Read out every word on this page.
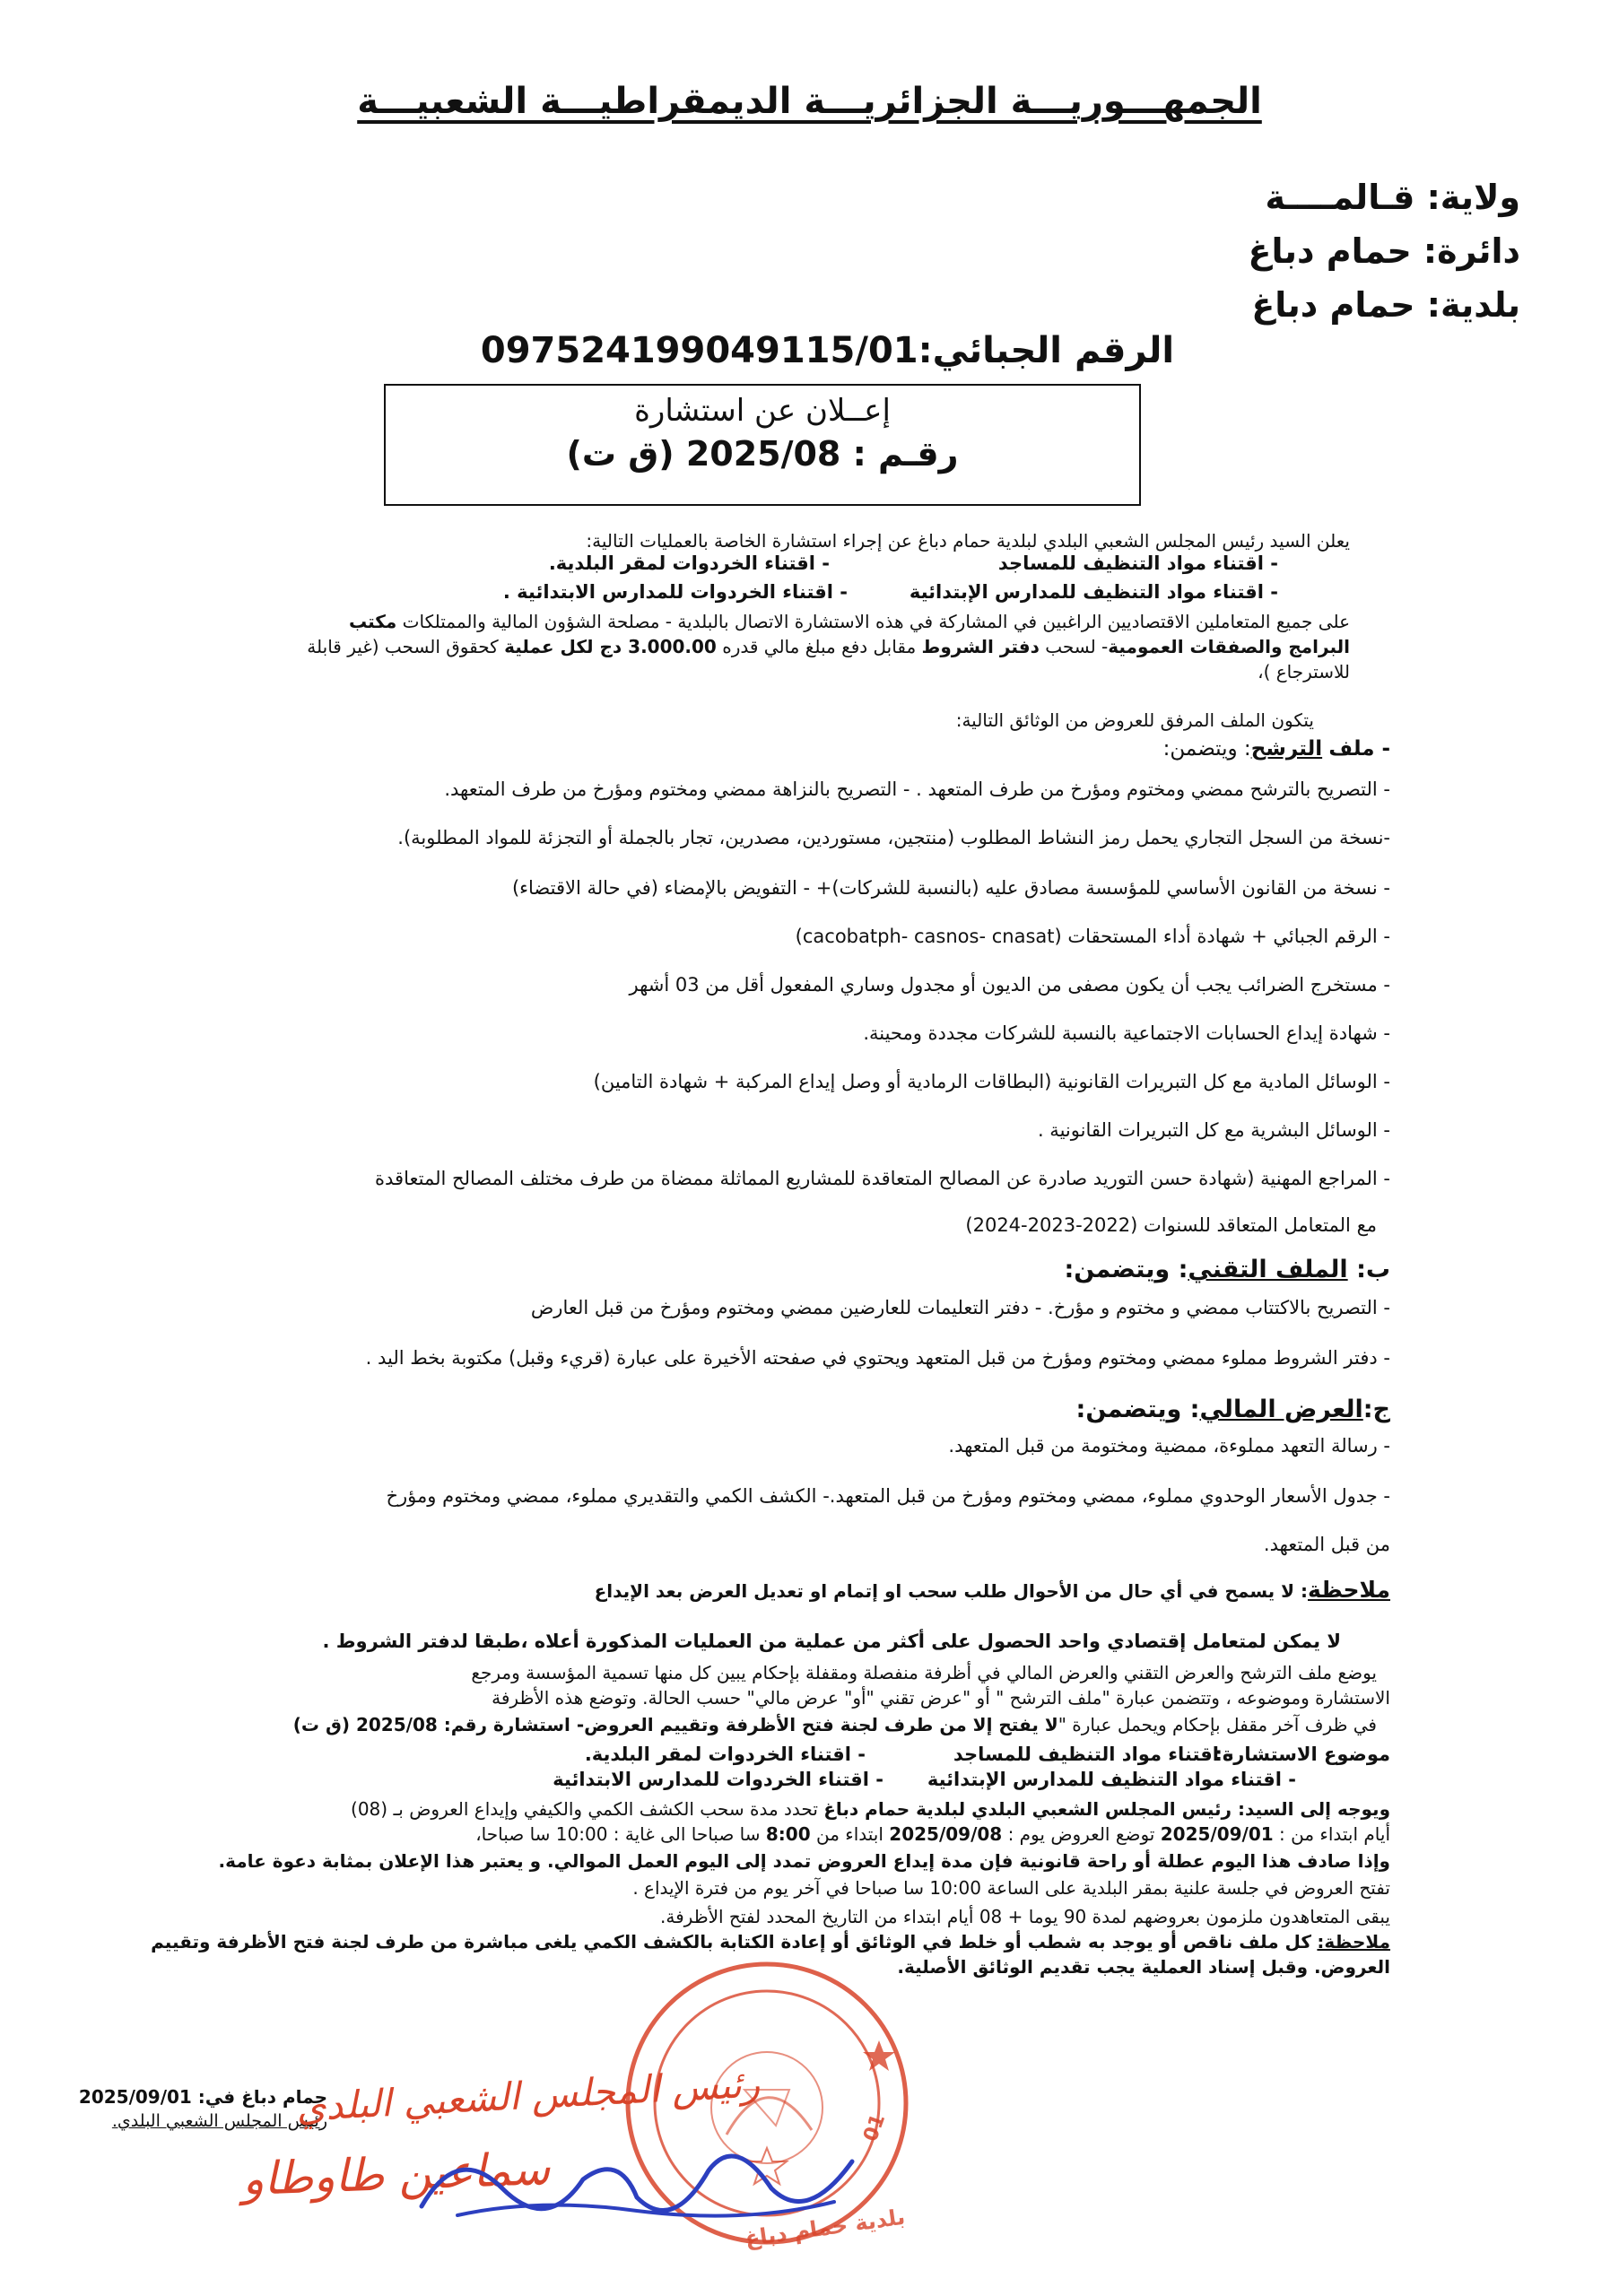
الجمهـــوريـــة الجزائريـــة الديمقراطيـــة الشعبيـــة
ولاية: قـالمــــة
دائرة: حمام دباغ
بلدية: حمام دباغ
الرقم الجبائي:097524199049115/01
إعــلان عن استشارة
رقـم : 2025/08 (ق ت)
يعلن السيد رئيس المجلس الشعبي البلدي لبلدية حمام دباغ عن إجراء استشارة الخاصة بالعمليات التالية:
- اقتناء مواد التنظيف للمساجد
- اقتناء الخردوات لمقر البلدية.
- اقتناء مواد التنظيف للمدارس الإبتدائية
- اقتناء الخردوات للمدارس الابتدائية .
على جميع المتعاملين الاقتصاديين الراغبين في المشاركة في هذه الاستشارة الاتصال بالبلدية - مصلحة الشؤون المالية والممتلكات مكتب
البرامج والصفقات العمومية- لسحب دفتر الشروط مقابل دفع مبلغ مالي قدره 3.000.00 دج لكل عملية كحقوق السحب (غير قابلة
للاسترجاع )،
يتكون الملف المرفق للعروض من الوثائق التالية:
- ملف الترشح: ويتضمن:
- التصريح بالترشح ممضي ومختوم ومؤرخ من طرف المتعهد . - التصريح بالنزاهة ممضي ومختوم ومؤرخ من طرف المتعهد.
-نسخة من السجل التجاري يحمل رمز النشاط المطلوب (منتجين، مستوردين، مصدرين، تجار بالجملة أو التجزئة للمواد المطلوبة).
- نسخة من القانون الأساسي للمؤسسة مصادق عليه (بالنسبة للشركات)+ - التفويض بالإمضاء (في حالة الاقتضاء)
- الرقم الجبائي + شهادة أداء المستحقات (cacobatph- casnos- cnasat)
- مستخرج الضرائب يجب أن يكون مصفى من الديون أو مجدول وساري المفعول أقل من 03 أشهر
- شهادة إيداع الحسابات الاجتماعية بالنسبة للشركات مجددة ومحينة.
- الوسائل المادية مع كل التبريرات القانونية (البطاقات الرمادية أو وصل إيداع المركبة + شهادة التامين)
- الوسائل البشرية مع كل التبريرات القانونية .
- المراجع المهنية (شهادة حسن التوريد صادرة عن المصالح المتعاقدة للمشاريع المماثلة ممضاة من طرف مختلف المصالح المتعاقدة
مع المتعامل المتعاقد للسنوات (2022-2023-2024)
ب: الملف التقني: ويتضمن:
- التصريح بالاكتتاب ممضي و مختوم و مؤرخ. - دفتر التعليمات للعارضين ممضي ومختوم ومؤرخ من قبل العارض
- دفتر الشروط مملوء ممضي ومختوم ومؤرخ من قبل المتعهد ويحتوي في صفحته الأخيرة على عبارة (قريء وقبل) مكتوبة بخط اليد .
ج:العرض المالي: ويتضمن:
- رسالة التعهد مملوءة، ممضية ومختومة من قبل المتعهد.
- جدول الأسعار الوحدوي مملوء، ممضي ومختوم ومؤرخ من قبل المتعهد.- الكشف الكمي والتقديري مملوء، ممضي ومختوم ومؤرخ
من قبل المتعهد.
ملاحظة: لا يسمح في أي حال من الأحوال طلب سحب او إتمام او تعديل العرض بعد الإيداع
لا يمكن لمتعامل إقتصادي واحد الحصول على أكثر من عملية من العمليات المذكورة أعلاه ،طبقا لدفتر الشروط .
يوضع ملف الترشح والعرض التقني والعرض المالي في أظرفة منفصلة ومقفلة بإحكام يبين كل منها تسمية المؤسسة ومرجع
الاستشارة وموضوعه ، وتتضمن عبارة "ملف الترشح " أو "عرض تقني "أو" عرض مالي" حسب الحالة. وتوضع هذه الأظرفة
في ظرف آخر مقفل بإحكام ويحمل عبارة "لا يفتح إلا من طرف لجنة فتح الأظرفة وتقييم العروض- استشارة رقم: 2025/08 (ق ت)
موضوع الاستشارة:
- اقتناء مواد التنظيف للمساجد
- اقتناء الخردوات لمقر البلدية.
- اقتناء مواد التنظيف للمدارس الإبتدائية
- اقتناء الخردوات للمدارس الابتدائية
ويوجه إلى السيد: رئيس المجلس الشعبي البلدي لبلدية حمام دباغ تحدد مدة سحب الكشف الكمي والكيفي وإيداع العروض بـ (08)
أيام ابتداء من : 2025/09/01 توضع العروض يوم : 2025/09/08 ابتداء من 8:00 سا صباحا الى غاية : 10:00 سا صباحا،
وإذا صادف هذا اليوم عطلة أو راحة قانونية فإن مدة إيداع العروض تمدد إلى اليوم العمل الموالي. و يعتبر هذا الإعلان بمثابة دعوة عامة.
تفتح العروض في جلسة علنية بمقر البلدية على الساعة 10:00 سا صباحا في آخر يوم من فترة الإيداع .
يبقى المتعاهدون ملزمون بعروضهم لمدة 90 يوما + 08 أيام ابتداء من التاريخ المحدد لفتح الأظرفة.
ملاحظة: كل ملف ناقص أو يوجد به شطب أو خلط في الوثائق أو إعادة الكتابة بالكشف الكمي يلغى مباشرة من طرف لجنة فتح الأظرفة وتقييم
العروض. وقبل إسناد العملية يجب تقديم الوثائق الأصلية.
01
بلدية حمام دباغ
حمام دباغ في: 2025/09/01
رئيس المجلس الشعبي البلدي.
رئيس المجلس الشعبي البلدي
سماعين طاوطاو
